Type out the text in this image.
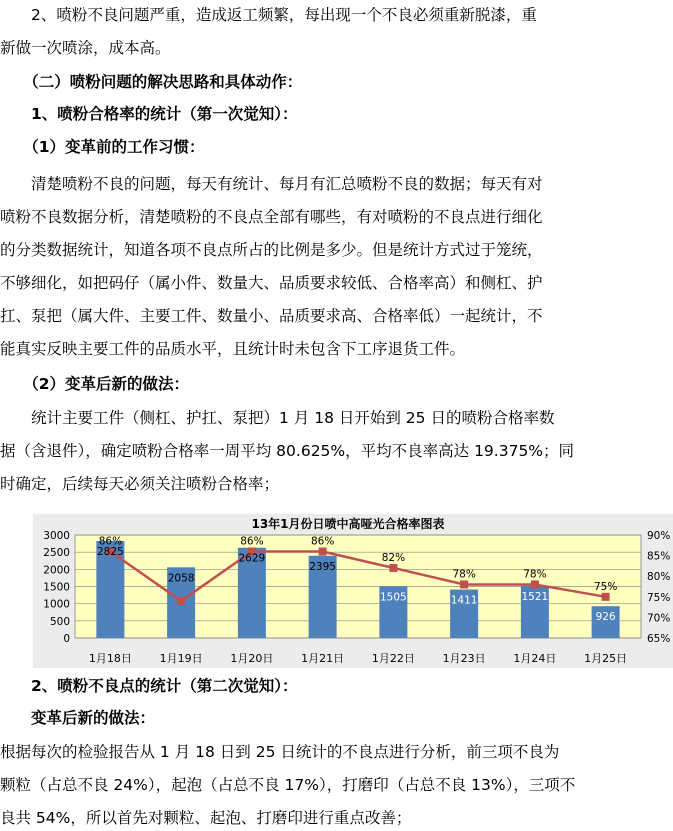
　　2、喷粉不良问题严重，造成返工频繁，每出现一个不良必须重新脱漆，重
新做一次喷涂，成本高。
　　（二）喷粉问题的解决思路和具体动作：
　　1、喷粉合格率的统计（第一次觉知）：
　　（1）变革前的工作习惯：
　　清楚喷粉不良的问题，每天有统计、每月有汇总喷粉不良的数据；每天有对
喷粉不良数据分析，清楚喷粉的不良点全部有哪些，有对喷粉的不良点进行细化
的分类数据统计，知道各项不良点所占的比例是多少。但是统计方式过于笼统，
不够细化，如把码仔（属小件、数量大、品质要求较低、合格率高）和侧杠、护
扛、泵把（属大件、主要工件、数量小、品质要求高、合格率低）一起统计，不
能真实反映主要工件的品质水平，且统计时未包含下工序退货工件。
　　（2）变革后新的做法：
　　统计主要工件（侧杠、护扛、泵把）1 月 18 日开始到 25 日的喷粉合格率数
据（含退件），确定喷粉合格率一周平均 80.625%，平均不良率高达 19.375%；同
时确定，后续每天必须关注喷粉合格率；
　　2、喷粉不良点的统计（第二次觉知）：
　　变革后新的做法：
根据每次的检验报告从 1 月 18 日到 25 日统计的不良点进行分析，前三项不良为
颗粒（占总不良 24%），起泡（占总不良 17%），打磨印（占总不良 13%），三项不
良共 54%，所以首先对颗粒、起泡、打磨印进行重点改善；
0
500
1000
1500
2000
2500
3000
65%
70%
75%
80%
85%
90%
2825
2058
2629
2395
1505	1411	1521
926
86%	86%	86%
82%
78%	78%
75%
1月18日	1月19日	1月20日	1月21日	1月22日	1月23日	1月24日	1月25日
13年1月份日喷中高哑光合格率图表
